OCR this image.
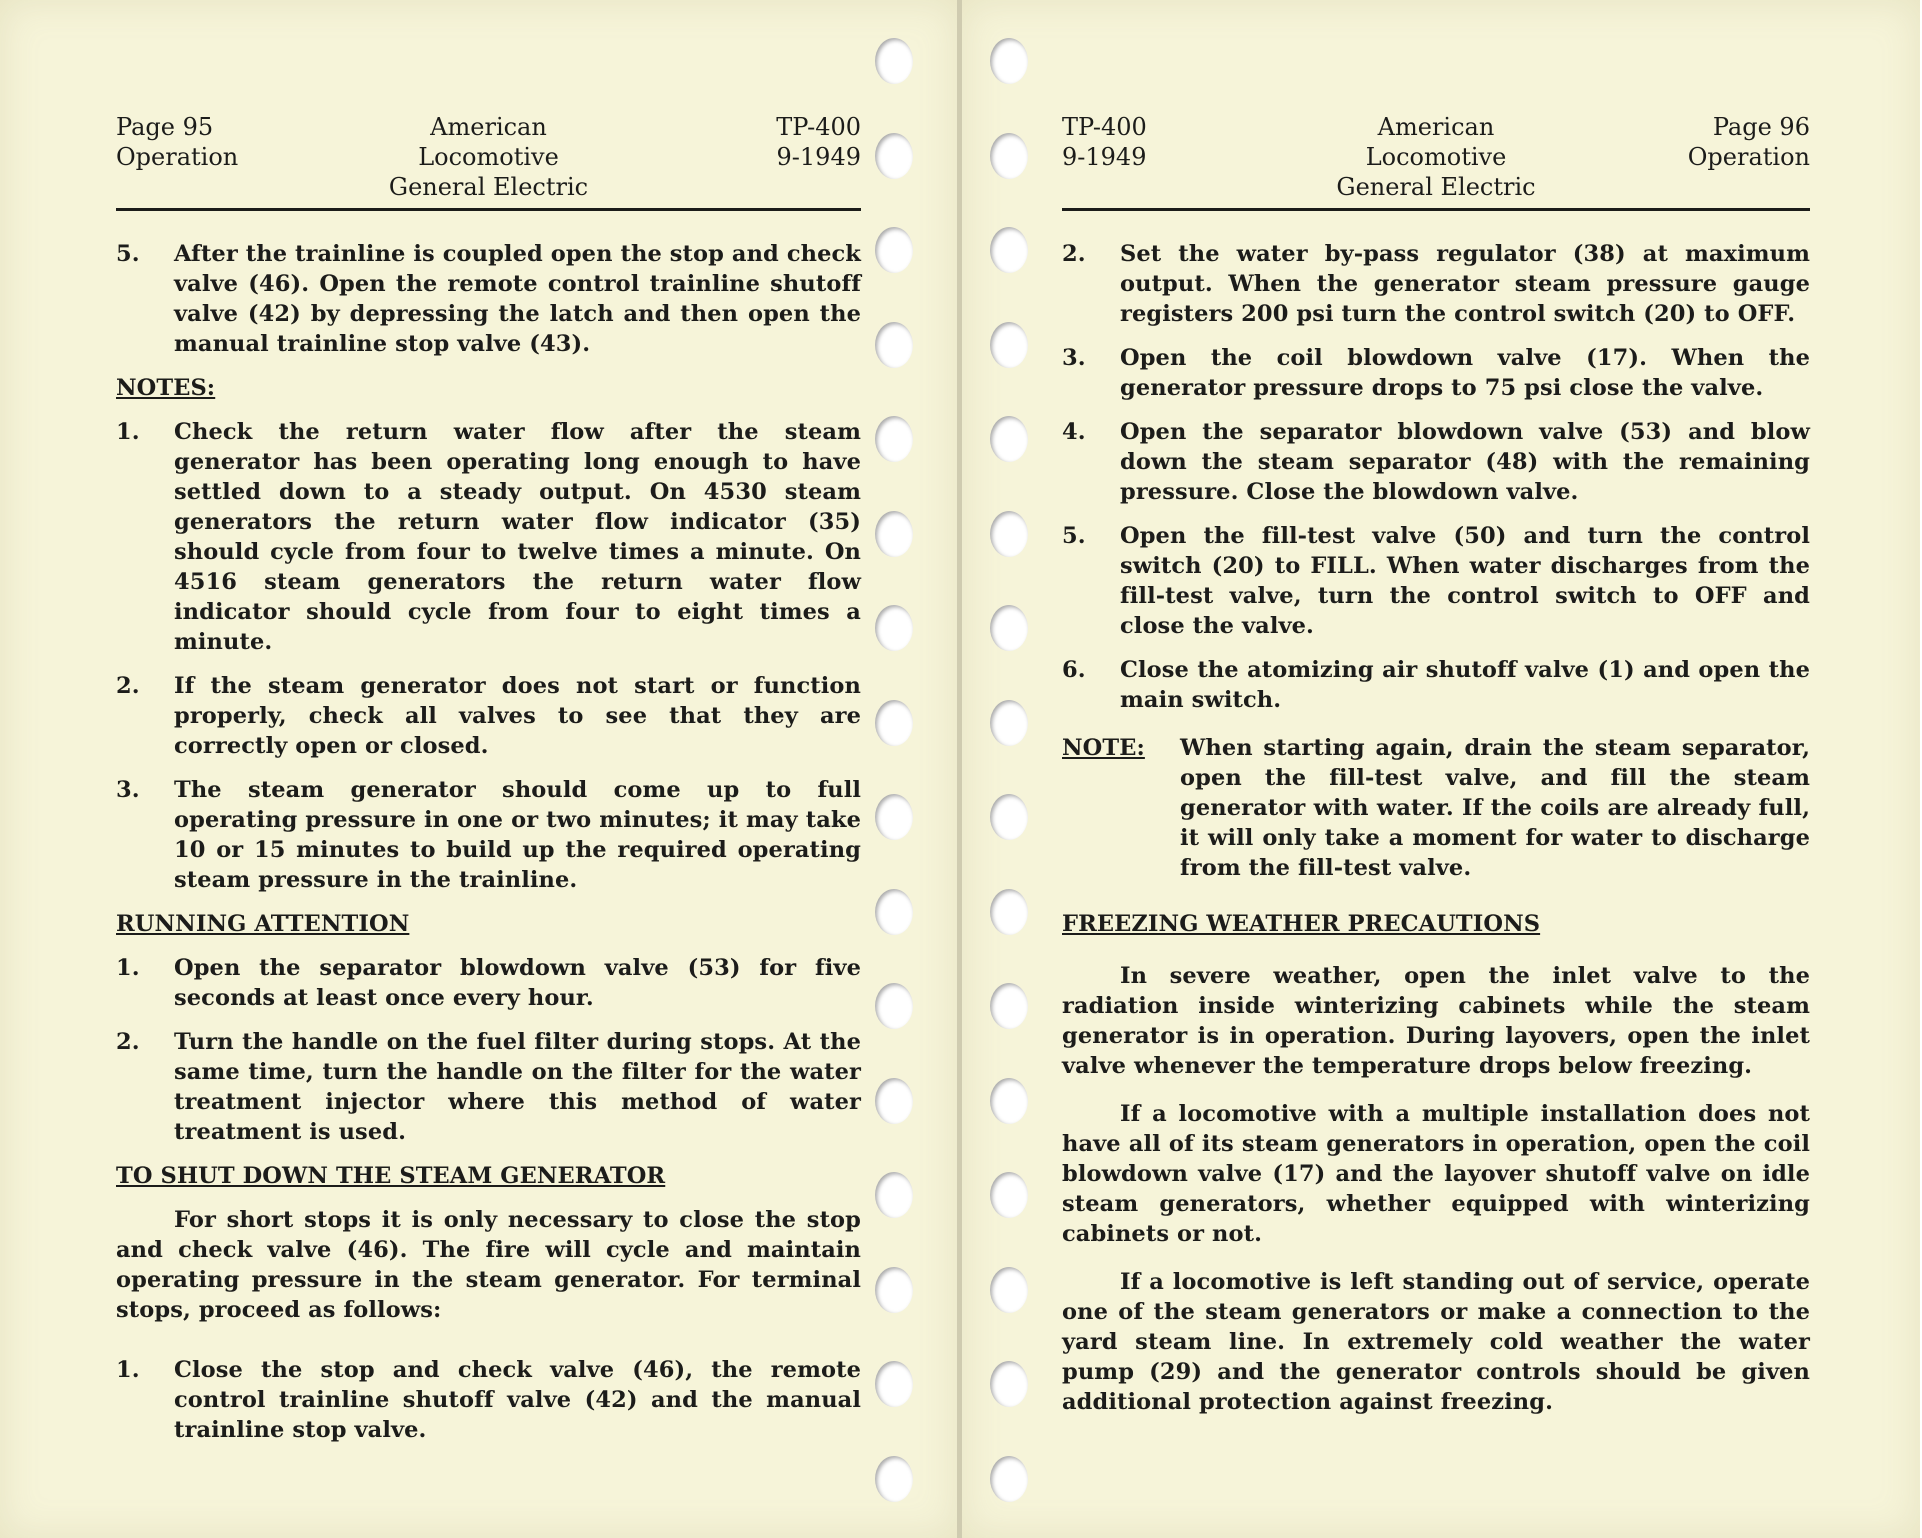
Page 95
Operation
American Locomotive
General Electric
TP-400
9-1949
5.	After the trainline is coupled open the stop and check valve (46). Open the remote control trainline shutoff valve (42) by depressing the latch and then open the manual trainline stop valve (43).
NOTES:
1.	Check the return water flow after the steam generator has been operating long enough to have settled down to a steady output. On 4530 steam generators the return water flow indicator (35) should cycle from four to twelve times a minute. On 4516 steam generators the return water flow indicator should cycle from four to eight times a minute.
2.	If the steam generator does not start or function properly, check all valves to see that they are correctly open or closed.
3.	The steam generator should come up to full operating pressure in one or two minutes; it may take 10 or 15 minutes to build up the required operating steam pressure in the trainline.
RUNNING ATTENTION
1.	Open the separator blowdown valve (53) for five seconds at least once every hour.
2.	Turn the handle on the fuel filter during stops. At the same time, turn the handle on the filter for the water treatment injector where this method of water treatment is used.
TO SHUT DOWN THE STEAM GENERATOR
For short stops it is only necessary to close the stop and check valve (46). The fire will cycle and maintain operating pressure in the steam generator. For terminal stops, proceed as follows:
1.	Close the stop and check valve (46), the remote control trainline shutoff valve (42) and the manual trainline stop valve.
TP-400
9-1949
American Locomotive
General Electric
Page 96
Operation
2.	Set the water by-pass regulator (38) at maximum output. When the generator steam pressure gauge registers 200 psi turn the control switch (20) to OFF.
3.	Open the coil blowdown valve (17). When the generator pressure drops to 75 psi close the valve.
4.	Open the separator blowdown valve (53) and blow down the steam separator (48) with the remaining pressure. Close the blowdown valve.
5.	Open the fill-test valve (50) and turn the control switch (20) to FILL. When water discharges from the fill-test valve, turn the control switch to OFF and close the valve.
6.	Close the atomizing air shutoff valve (1) and open the main switch.
NOTE:	When starting again, drain the steam separator, open the fill-test valve, and fill the steam generator with water. If the coils are already full, it will only take a moment for water to discharge from the fill-test valve.
FREEZING WEATHER PRECAUTIONS
In severe weather, open the inlet valve to the radiation inside winterizing cabinets while the steam generator is in operation. During layovers, open the inlet valve whenever the temperature drops below freezing.
If a locomotive with a multiple installation does not have all of its steam generators in operation, open the coil blowdown valve (17) and the layover shutoff valve on idle steam generators, whether equipped with winterizing cabinets or not.
If a locomotive is left standing out of service, operate one of the steam generators or make a connection to the yard steam line. In extremely cold weather the water pump (29) and the generator controls should be given additional protection against freezing.
